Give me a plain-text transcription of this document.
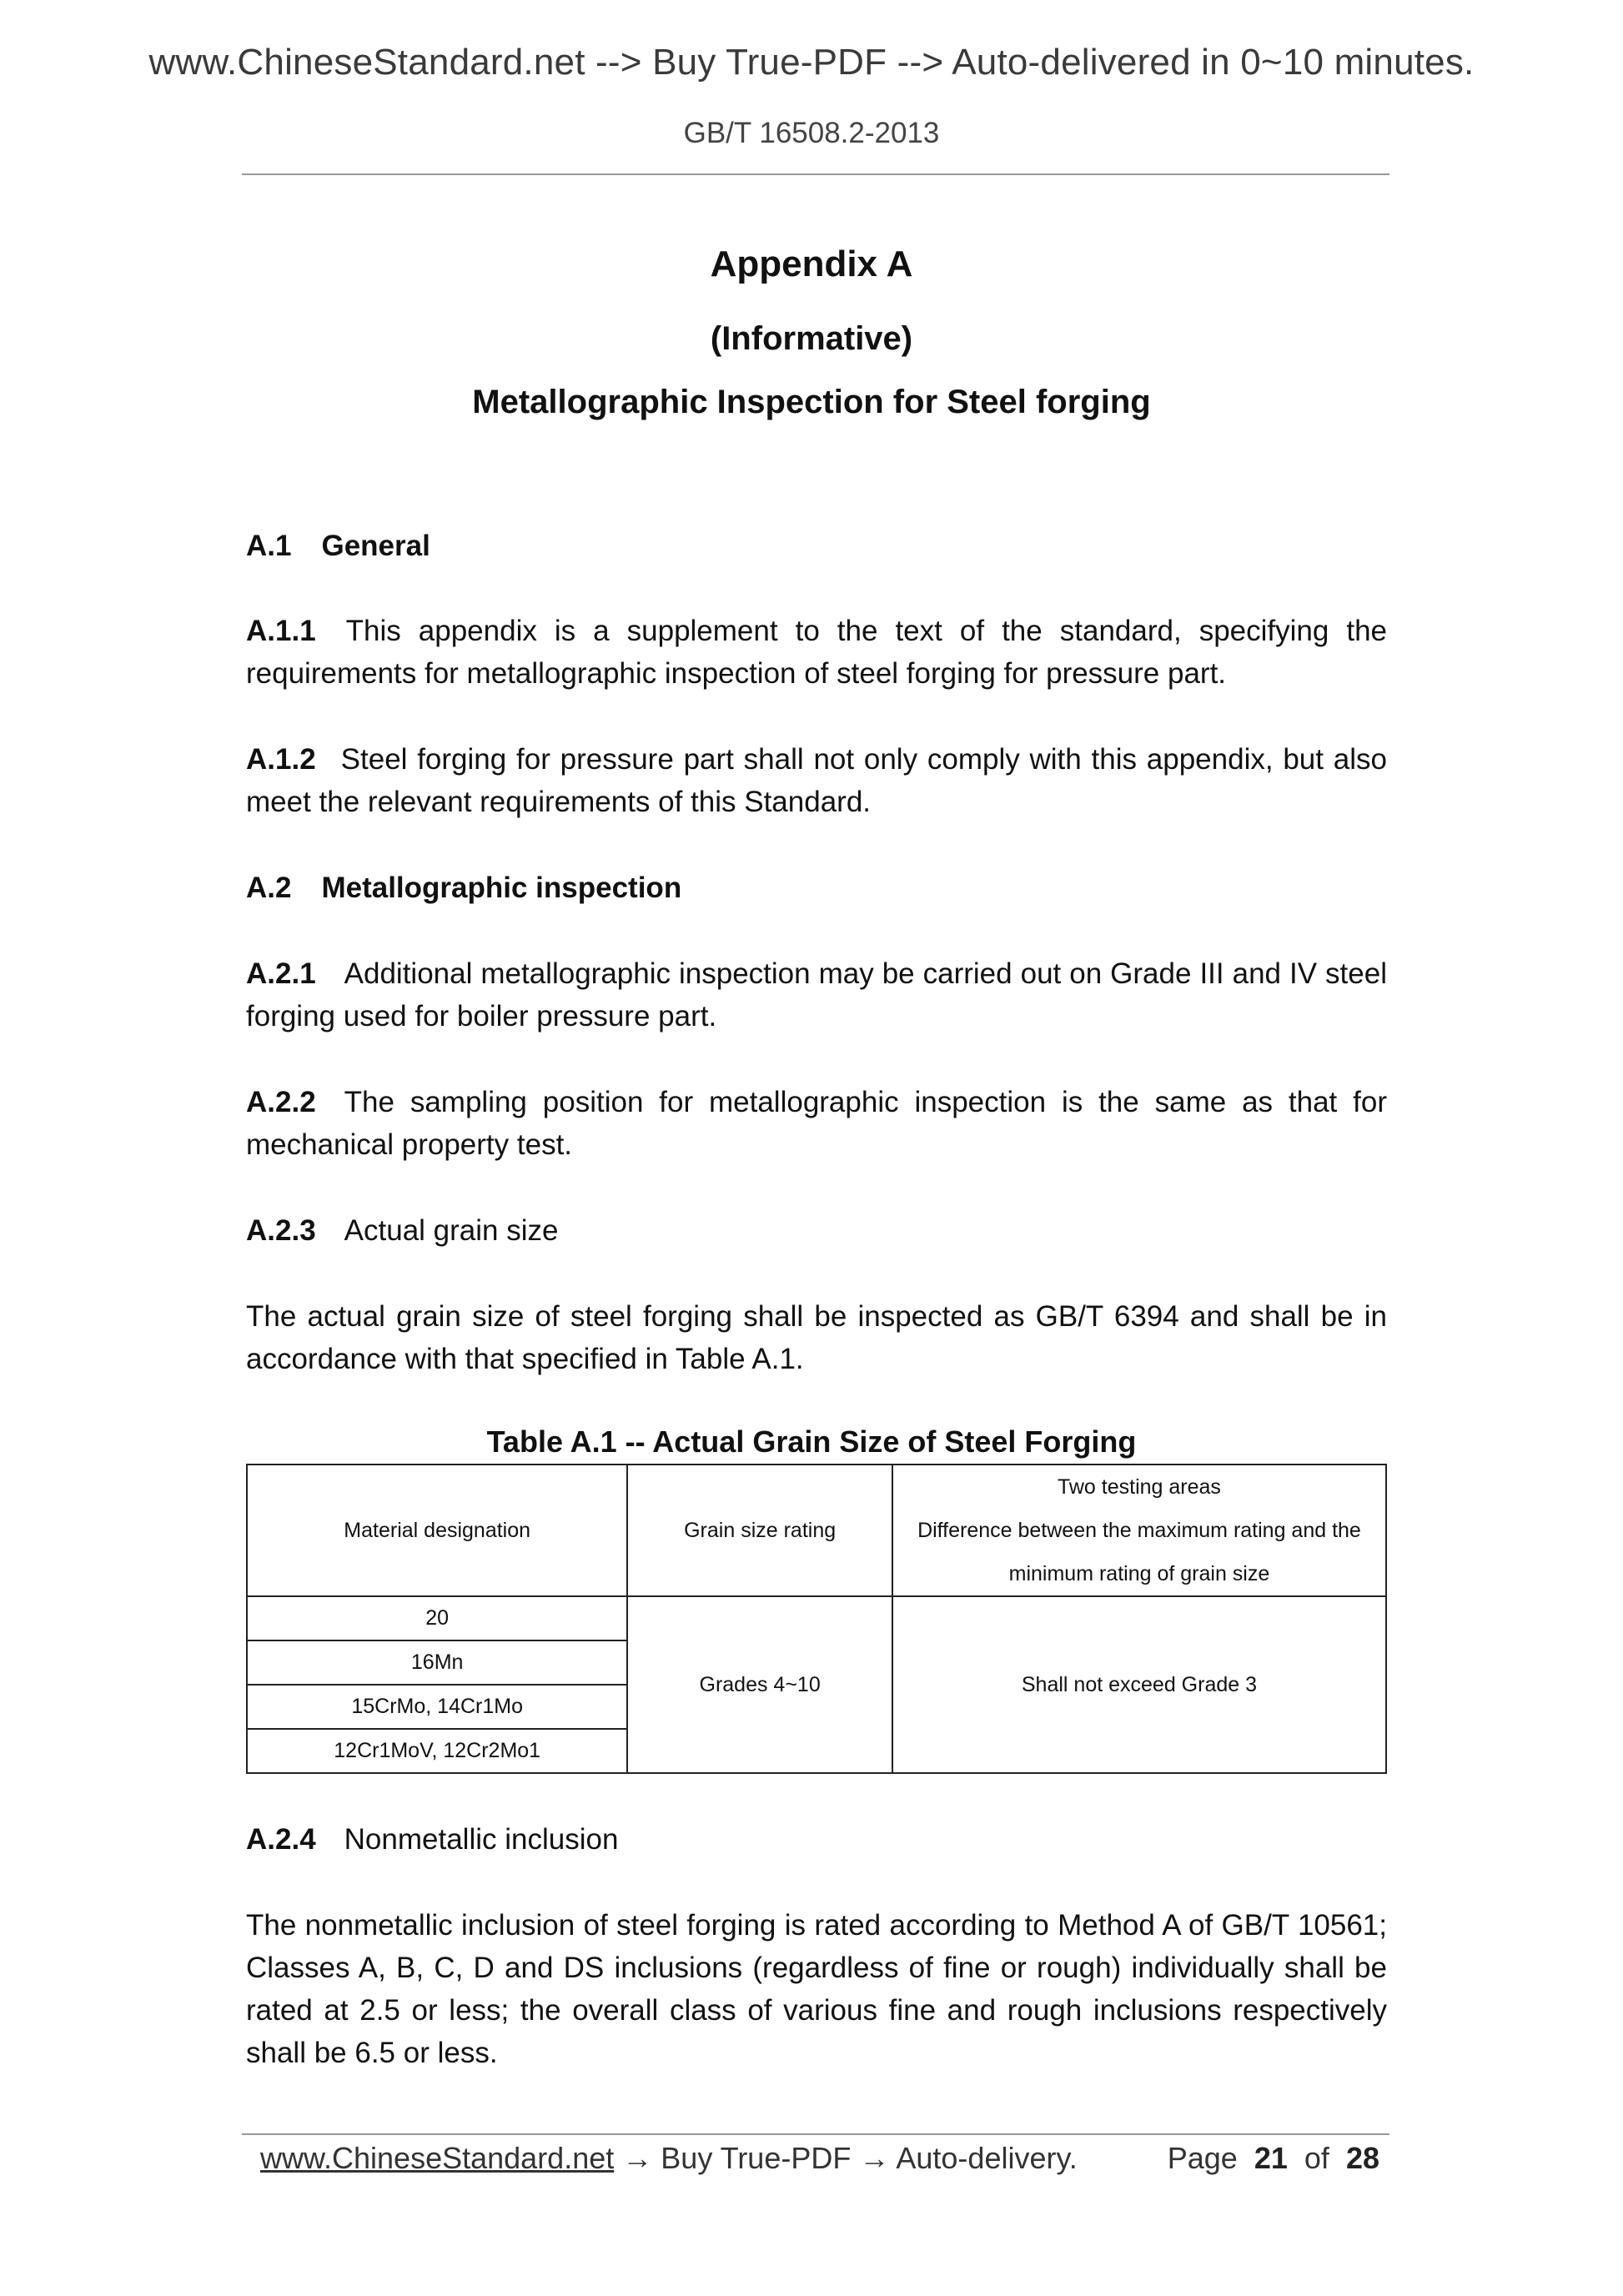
www.ChineseStandard.net --> Buy True-PDF --> Auto-delivered in 0~10 minutes.
GB/T 16508.2-2013
Appendix A
(Informative)
Metallographic Inspection for Steel forging
A.1 General
A.1.1 This appendix is a supplement to the text of the standard, specifying the requirements for metallographic inspection of steel forging for pressure part.
A.1.2 Steel forging for pressure part shall not only comply with this appendix, but also meet the relevant requirements of this Standard.
A.2 Metallographic inspection
A.2.1 Additional metallographic inspection may be carried out on Grade III and IV steel forging used for boiler pressure part.
A.2.2 The sampling position for metallographic inspection is the same as that for mechanical property test.
A.2.3 Actual grain size
The actual grain size of steel forging shall be inspected as GB/T 6394 and shall be in accordance with that specified in Table A.1.
Table A.1 -- Actual Grain Size of Steel Forging
Material designation	Grain size rating	Two testing areas
Difference between the maximum rating and the
minimum rating of grain size

20	Grades 4~10	Shall not exceed Grade 3
16Mn		
15CrMo, 14Cr1Mo		
12Cr1MoV, 12Cr2Mo1		
A.2.4 Nonmetallic inclusion
The nonmetallic inclusion of steel forging is rated according to Method A of GB/T 10561; Classes A, B, C, D and DS inclusions (regardless of fine or rough) individually shall be rated at 2.5 or less; the overall class of various fine and rough inclusions respectively shall be 6.5 or less.
www.ChineseStandard.net → Buy True-PDF → Auto-delivery.	Page 21 of 28
